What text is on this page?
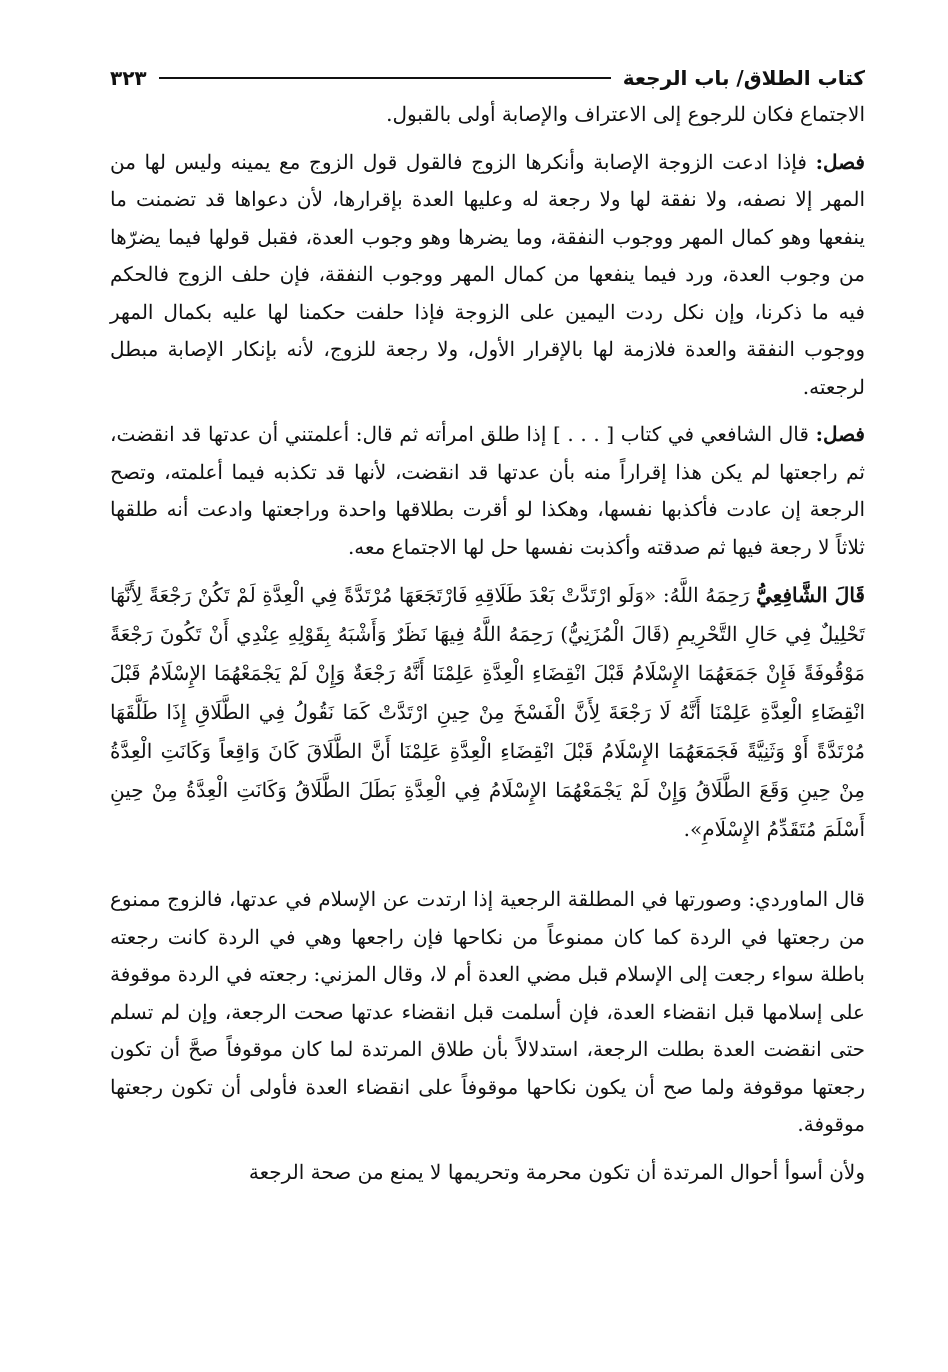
كتاب الطلاق/ باب الرجعة
٣٢٣

الاجتماع فكان للرجوع إلى الاعتراف والإصابة أولى بالقبول.

فصل: فإذا ادعت الزوجة الإصابة وأنكرها الزوج فالقول قول الزوج مع يمينه وليس لها من المهر إلا نصفه، ولا نفقة لها ولا رجعة له وعليها العدة بإقرارها، لأن دعواها قد تضمنت ما ينفعها وهو كمال المهر ووجوب النفقة، وما يضرها وهو وجوب العدة، فقبل قولها فيما يضرّها من وجوب العدة، ورد فيما ينفعها من كمال المهر ووجوب النفقة، فإن حلف الزوج فالحكم فيه ما ذكرنا، وإن نكل ردت اليمين على الزوجة فإذا حلفت حكمنا لها عليه بكمال المهر ووجوب النفقة والعدة فلازمة لها بالإقرار الأول، ولا رجعة للزوج، لأنه بإنكار الإصابة مبطل لرجعته.

فصل: قال الشافعي في كتاب [ . . . ] إذا طلق امرأته ثم قال: أعلمتني أن عدتها قد انقضت، ثم راجعتها لم يكن هذا إقراراً منه بأن عدتها قد انقضت، لأنها قد تكذبه فيما أعلمته، وتصح الرجعة إن عادت فأكذبها نفسها، وهكذا لو أقرت بطلاقها واحدة وراجعتها وادعت أنه طلقها ثلاثاً لا رجعة فيها ثم صدقته وأكذبت نفسها حل لها الاجتماع معه.

قَالَ الشَّافِعِيُّ رَحِمَهُ اللَّهُ: «وَلَو ارْتَدَّتْ بَعْدَ طَلَاقِهِ فَارْتَجَعَهَا مُرْتَدَّةً فِي الْعِدَّةِ لَمْ تَكُنْ رَجْعَةً لِأَنَّهَا تَحْلِيلٌ فِي حَالِ التَّحْرِيمِ (قَالَ الْمُزَنِيُّ) رَحِمَهُ اللَّهُ فِيهَا نَظَرٌ وَأَشْبَهُ بِقَوْلِهِ عِنْدِي أَنْ تَكُونَ رَجْعَةً مَوْقُوفَةً فَإِنْ جَمَعَهُمَا الإِسْلَامُ قَبْلَ انْقِضَاءِ الْعِدَّةِ عَلِمْنَا أَنَّهُ رَجْعَةٌ وَإِنْ لَمْ يَجْمَعْهُمَا الإِسْلَامُ قَبْلَ انْقِضَاءِ الْعِدَّةِ عَلِمْنَا أَنَّهُ لَا رَجْعَةَ لِأَنَّ الْفَسْخَ مِنْ حِينِ ارْتَدَّتْ كَمَا نَقُولُ فِي الطَّلَاقِ إِذَا طَلَّقَهَا مُرْتَدَّةً أَوْ وَثَنِيَّةً فَجَمَعَهُمَا الإِسْلَامُ قَبْلَ انْقِضَاءِ الْعِدَّةِ عَلِمْنَا أَنَّ الطَّلَاقَ كَانَ وَاقِعاً وَكَانَتِ الْعِدَّةُ مِنْ حِينِ وَقَعَ الطَّلَاقُ وَإِنْ لَمْ يَجْمَعْهُمَا الإِسْلَامُ فِي الْعِدَّةِ بَطَلَ الطَّلَاقُ وَكَانَتِ الْعِدَّةُ مِنْ حِينِ أَسْلَمَ مُتَقَدِّمُ الإِسْلَامِ».

قال الماوردي: وصورتها في المطلقة الرجعية إذا ارتدت عن الإسلام في عدتها، فالزوج ممنوع من رجعتها في الردة كما كان ممنوعاً من نكاحها فإن راجعها وهي في الردة كانت رجعته باطلة سواء رجعت إلى الإسلام قبل مضي العدة أم لا، وقال المزني: رجعته في الردة موقوفة على إسلامها قبل انقضاء العدة، فإن أسلمت قبل انقضاء عدتها صحت الرجعة، وإن لم تسلم حتى انقضت العدة بطلت الرجعة، استدلالاً بأن طلاق المرتدة لما كان موقوفاً صحَّ أن تكون رجعتها موقوفة ولما صح أن يكون نكاحها موقوفاً على انقضاء العدة فأولى أن تكون رجعتها موقوفة.

ولأن أسوأ أحوال المرتدة أن تكون محرمة وتحريمها لا يمنع من صحة الرجعة
